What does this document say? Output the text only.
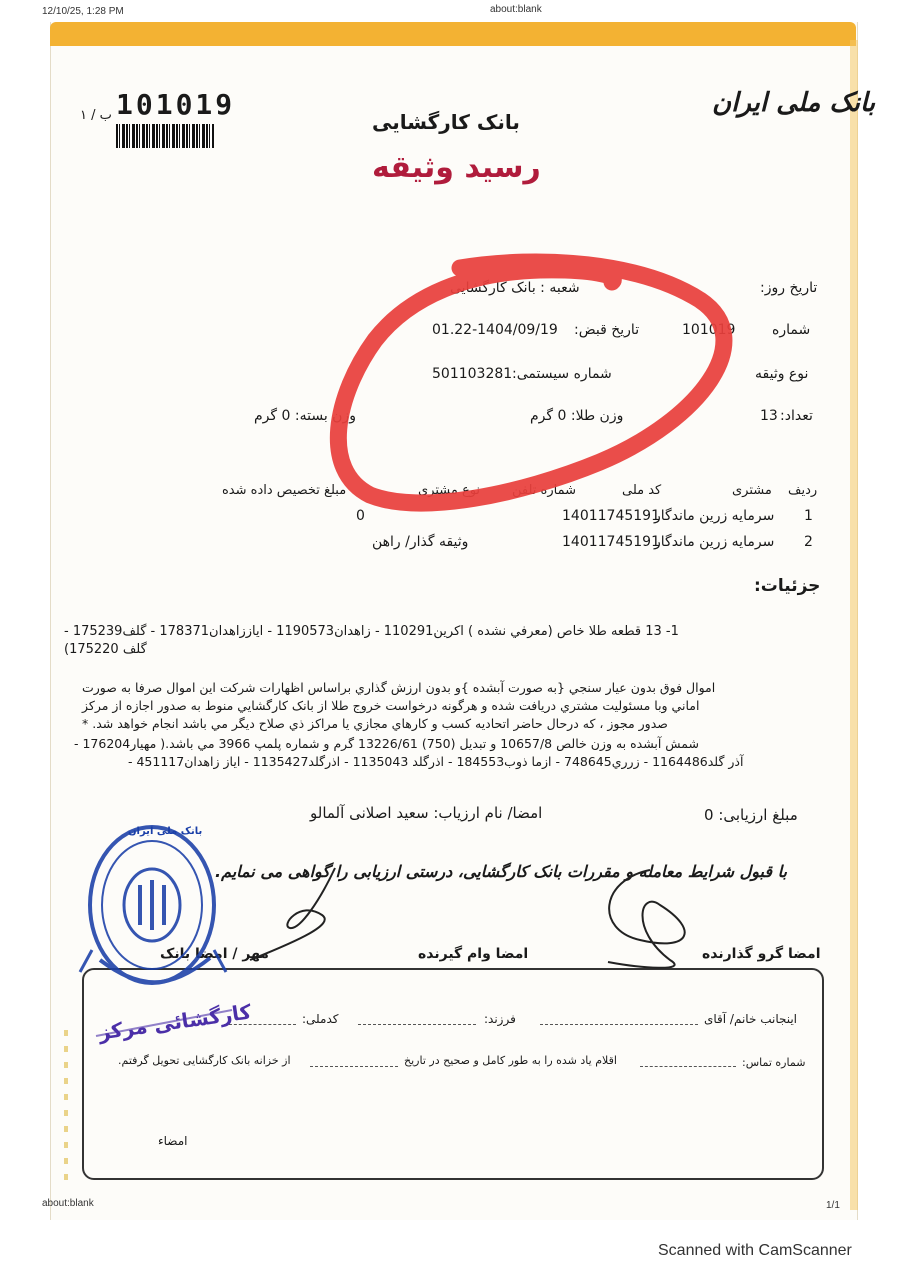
12/10/25, 1:28 PM	about:blank
بانک ملی ایران
بانک کارگشایی
رسید وثیقه
101019
ب / ۱
تاریخ روز:
شعبه : بانک کارگشایی
شماره
101019
تاریخ قبض:
01.22-1404/09/19
نوع وثیقه
شماره سیستمی:
501103281
تعداد:
13
وزن طلا: 0 گرم
وزن بسته: 0 گرم
ردیف
مشتری
کد ملی
شماره تلفن
نوع مشتری
مبلغ تخصیص داده شده
1
سرمایه زرین ماندگار
14011745191
0
2
سرمایه زرین ماندگار
14011745191
وثیقه گذار/ راهن
جزئیات:
1- 13 قطعه طلا خاص (معرفي نشده ) اکرين110291 - زاهدان1190573 - اياززاهدان178371 - گلف175239 -
گلف 175220)
اموال فوق بدون عيار سنجي {به صورت آبشده }و بدون ارزش گذاري براساس اظهارات شرکت اين اموال صرفا به صورت
اماني وبا مسئوليت مشتري دريافت شده و هرگونه درخواست خروج طلا از بانک کارگشايي منوط به صدور اجازه از مرکز
صدور مجوز ، که درحال حاضر اتحاديه کسب و کارهاي مجازي يا مراکز ذي صلاح ديگر مي باشد انجام خواهد شد. *
شمش آبشده به وزن خالص 10657/8 و تبديل (750) 13226/61 گرم و شماره پلمپ 3966 مي باشد.( مهيار176204 -
آذر گلد1164486 - زرري748645 - ازما ذوب184553 - اذرگلد 1135043 - اذرگلد1135427 - اياز زاهدان451117 -
مبلغ ارزیابی: 0
امضا/ نام ارزیاب: سعید اصلانی آلمالو
با قبول شرایط معامله و مقررات بانک کارگشایی، درستی ارزیابی را گواهی می نمایم.
امضا گرو گذارنده
امضا وام گیرنده
مهر / امضا بانک
اینجانب خانم/ آقای
فرزند:
کدملی:
شماره تماس:
اقلام یاد شده را به طور کامل و صحیح در تاریخ
از خزانه بانک کارگشایی تحویل گرفتم.
امضاء
بانک ملی ایران
کارگشائی مرکز
about:blank	1/1
Scanned with CamScanner
